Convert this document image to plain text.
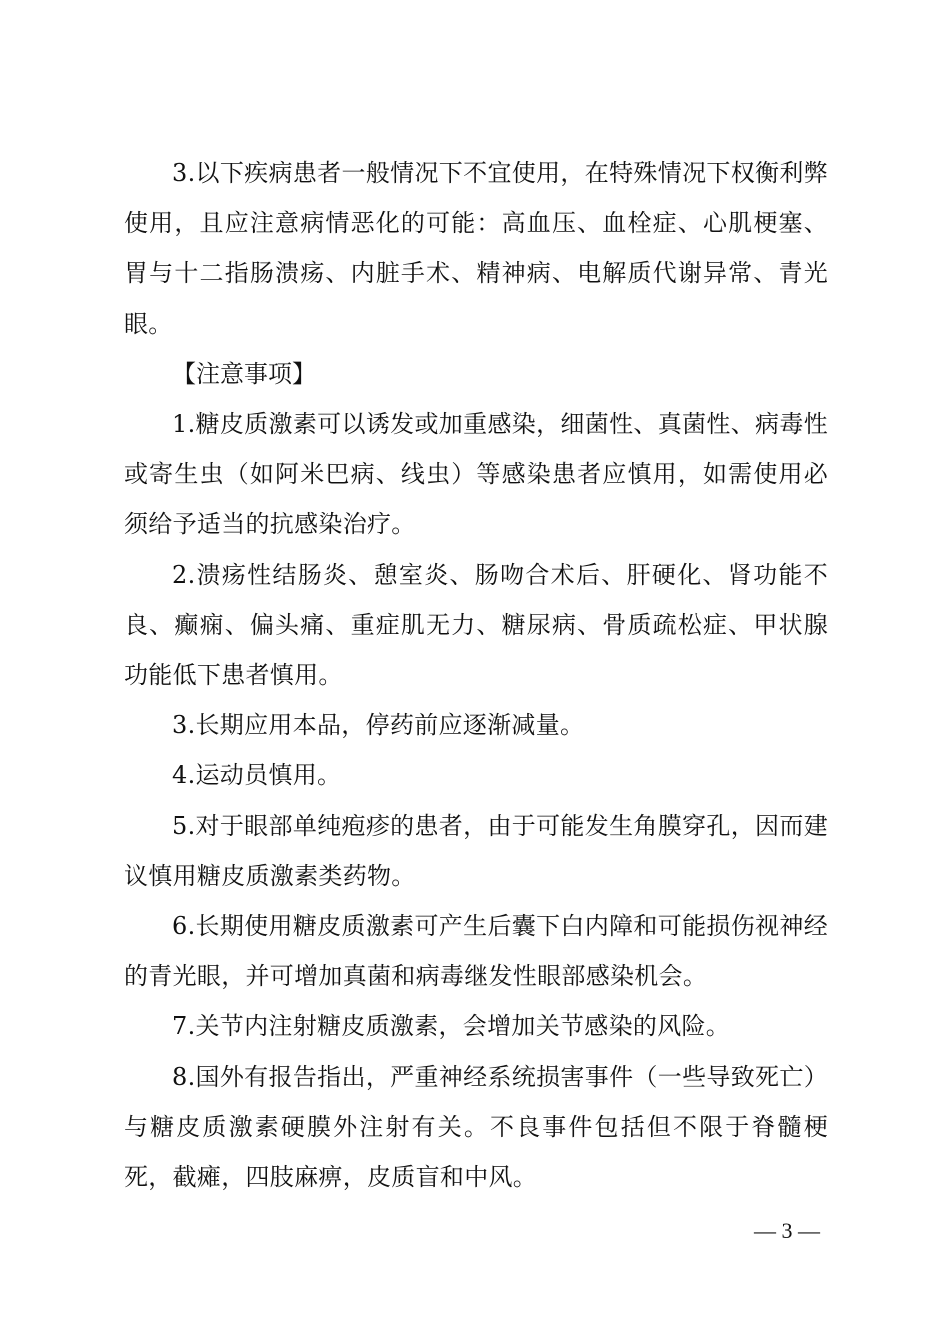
3.以下疾病患者一般情况下不宜使用，在特殊情况下权衡利弊使用，且应注意病情恶化的可能：高血压、血栓症、心肌梗塞、胃与十二指肠溃疡、内脏手术、精神病、电解质代谢异常、青光眼。

【注意事项】

1.糖皮质激素可以诱发或加重感染，细菌性、真菌性、病毒性或寄生虫（如阿米巴病、线虫）等感染患者应慎用，如需使用必须给予适当的抗感染治疗。

2.溃疡性结肠炎、憩室炎、肠吻合术后、肝硬化、肾功能不良、癫痫、偏头痛、重症肌无力、糖尿病、骨质疏松症、甲状腺功能低下患者慎用。

3.长期应用本品，停药前应逐渐减量。

4.运动员慎用。

5.对于眼部单纯疱疹的患者，由于可能发生角膜穿孔，因而建议慎用糖皮质激素类药物。

6.长期使用糖皮质激素可产生后囊下白内障和可能损伤视神经的青光眼，并可增加真菌和病毒继发性眼部感染机会。

7.关节内注射糖皮质激素，会增加关节感染的风险。

8.国外有报告指出，严重神经系统损害事件（一些导致死亡）与糖皮质激素硬膜外注射有关。不良事件包括但不限于脊髓梗死，截瘫，四肢麻痹，皮质盲和中风。

— 3 —
